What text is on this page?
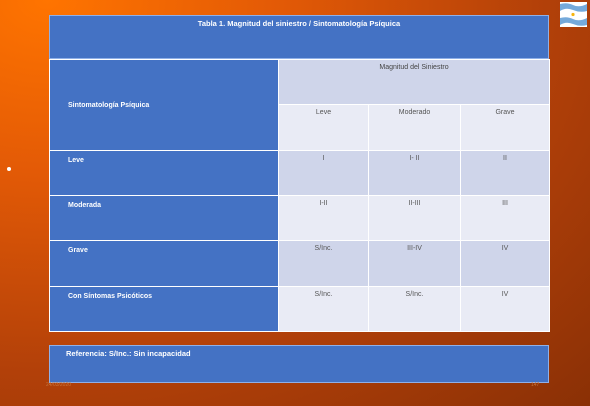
Tabla 1. Magnitud del siniestro / Sintomatología Psíquica
Sintomatología Psíquica	Magnitud del Siniestro		
	Leve	Moderado	Grave
Leve	I	I- II	II
Moderada	I-II	II-III	III
Grave	S/Inc.	III-IV	IV
Con Síntomas Psicóticos	S/Inc.	S/Inc.	IV
Referencia: S/Inc.: Sin incapacidad
24/03/2020	147
